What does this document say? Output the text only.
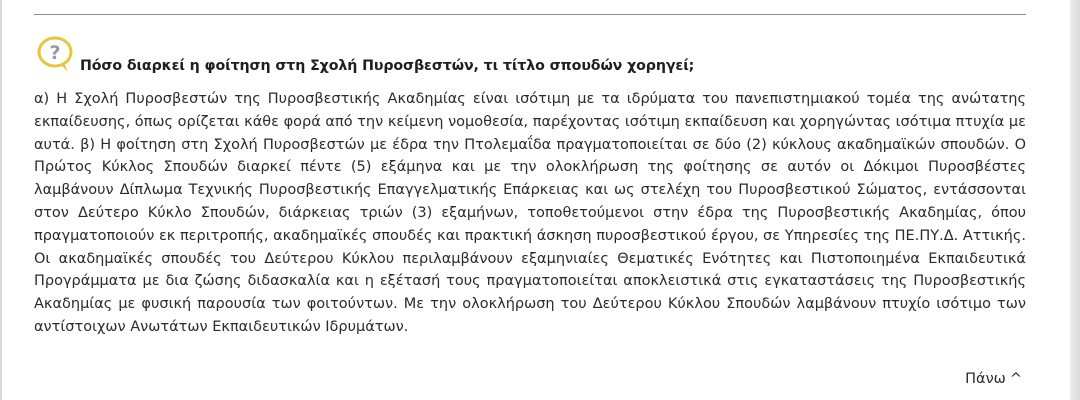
?
Πόσο διαρκεί η φοίτηση στη Σχολή Πυροσβεστών, τι τίτλο σπουδών χορηγεί;

α) Η Σχολή Πυροσβεστών της Πυροσβεστικής Ακαδημίας είναι ισότιμη με τα ιδρύματα του πανεπιστημιακού τομέα της ανώτατης εκπαίδευσης, όπως ορίζεται κάθε φορά από την κείμενη νομοθεσία, παρέχοντας ισότιμη εκπαίδευση και χορηγώντας ισότιμα πτυχία με αυτά. β) Η φοίτηση στη Σχολή Πυροσβεστών με έδρα την Πτολεμαΐδα πραγματοποιείται σε δύο (2) κύκλους ακαδημαϊκών σπουδών. Ο Πρώτος Κύκλος Σπουδών διαρκεί πέντε (5) εξάμηνα και με την ολοκλήρωση της φοίτησης σε αυτόν οι Δόκιμοι Πυροσβέστες λαμβάνουν Δίπλωμα Τεχνικής Πυροσβεστικής Επαγγελματικής Επάρκειας και ως στελέχη του Πυροσβεστικού Σώματος, εντάσσονται στον Δεύτερο Κύκλο Σπουδών, διάρκειας τριών (3) εξαμήνων, τοποθετούμενοι στην έδρα της Πυροσβεστικής Ακαδημίας, όπου πραγματοποιούν εκ περιτροπής, ακαδημαϊκές σπουδές και πρακτική άσκηση πυροσβεστικού έργου, σε Υπηρεσίες της ΠΕ.ΠΥ.Δ. Αττικής. Οι ακαδημαϊκές σπουδές του Δεύτερου Κύκλου περιλαμβάνουν εξαμηνιαίες Θεματικές Ενότητες και Πιστοποιημένα Εκπαιδευτικά Προγράμματα με δια ζώσης διδασκαλία και η εξέτασή τους πραγματοποιείται αποκλειστικά στις εγκαταστάσεις της Πυροσβεστικής Ακαδημίας με φυσική παρουσία των φοιτούντων. Με την ολοκλήρωση του Δεύτερου Κύκλου Σπουδών λαμβάνουν πτυχίο ισότιμο των αντίστοιχων Ανωτάτων Εκπαιδευτικών Ιδρυμάτων.

Πάνω ^
